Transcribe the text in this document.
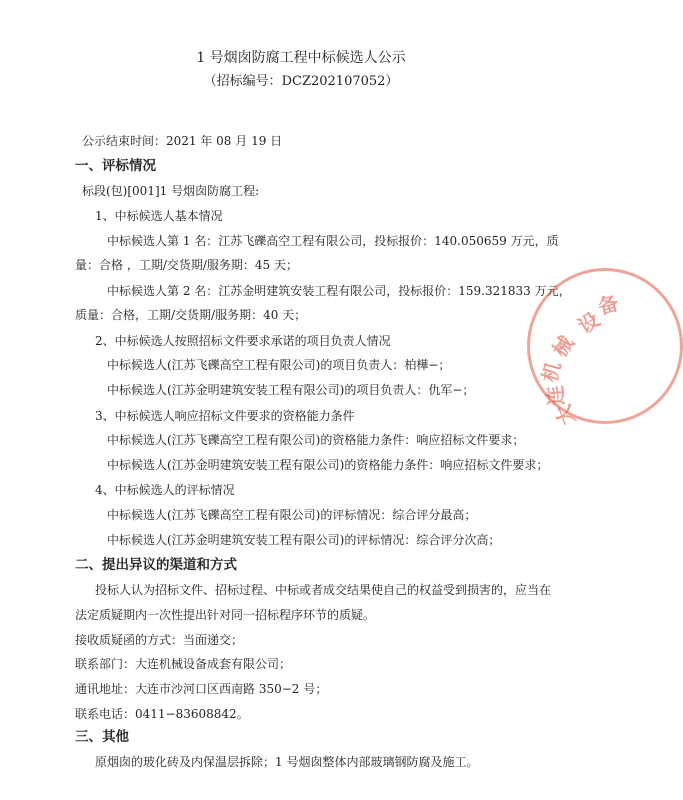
1 号烟囱防腐工程中标候选人公示
（招标编号：DCZ202107052）
公示结束时间：2021 年 08 月 19 日
一、评标情况
标段(包)[001]1 号烟囱防腐工程:
1、中标候选人基本情况
中标候选人第 1 名：江苏飞礫高空工程有限公司，投标报价：140.050659 万元，质
量：合格 ，工期/交货期/服务期：45 天；
中标候选人第 2 名：江苏金明建筑安装工程有限公司，投标报价：159.321833 万元，
质量：合格，工期/交货期/服务期：40 天；
2、中标候选人按照招标文件要求承诺的项目负责人情况
中标候选人(江苏飞礫高空工程有限公司)的项目负责人：柏樺−；
中标候选人(江苏金明建筑安装工程有限公司)的项目负责人：仇军−；
3、中标候选人响应招标文件要求的资格能力条件
中标候选人(江苏飞礫高空工程有限公司)的资格能力条件：响应招标文件要求；
中标候选人(江苏金明建筑安装工程有限公司)的资格能力条件：响应招标文件要求；
4、中标候选人的评标情况
中标候选人(江苏飞礫高空工程有限公司)的评标情况：综合评分最高；
中标候选人(江苏金明建筑安装工程有限公司)的评标情况：综合评分次高；
二、提出异议的渠道和方式
投标人认为招标文件、招标过程、中标或者成交结果使自己的权益受到损害的，应当在
法定质疑期内一次性提出针对同一招标程序环节的质疑。
接收质疑函的方式：当面递交；
联系部门：大连机械设备成套有限公司；
通讯地址：大连市沙河口区西南路 350−2 号；
联系电话：0411−83608842。
三、其他
原烟囱的玻化砖及内保温层拆除；1 号烟囱整体内部玻璃钢防腐及施工。
设
备
械
机
连
大
